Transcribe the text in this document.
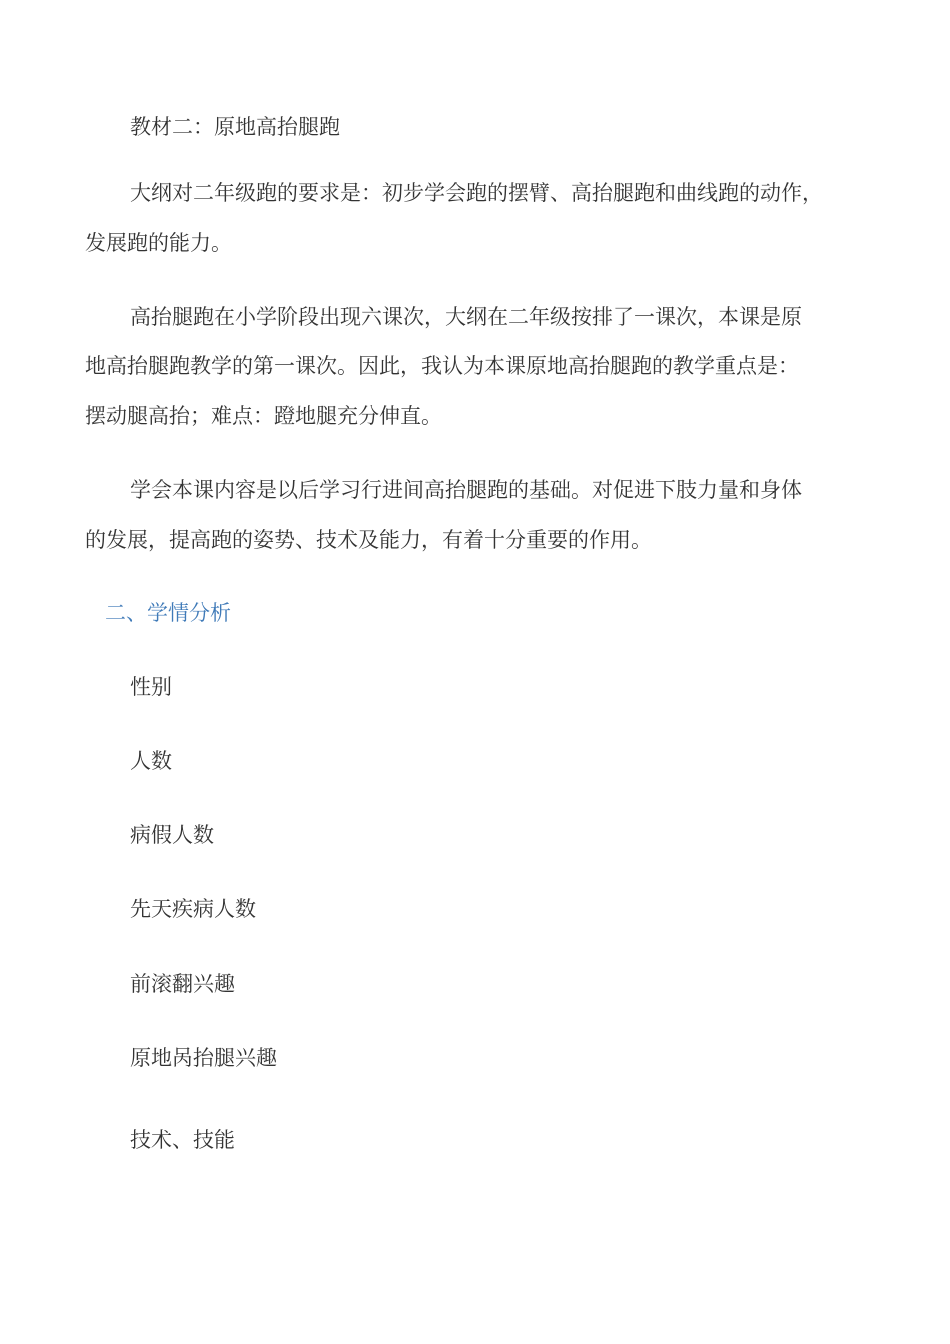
教材二：原地高抬腿跑
大纲对二年级跑的要求是：初步学会跑的摆臂、高抬腿跑和曲线跑的动作，
发展跑的能力。
高抬腿跑在小学阶段出现六课次，大纲在二年级按排了一课次，本课是原
地高抬腿跑教学的第一课次。因此，我认为本课原地高抬腿跑的教学重点是：
摆动腿高抬；难点：蹬地腿充分伸直。
学会本课内容是以后学习行进间高抬腿跑的基础。对促进下肢力量和身体
的发展，提高跑的姿势、技术及能力，有着十分重要的作用。
二、学情分析
性别
人数
病假人数
先天疾病人数
前滚翻兴趣
原地呙抬腿兴趣
技术、技能
